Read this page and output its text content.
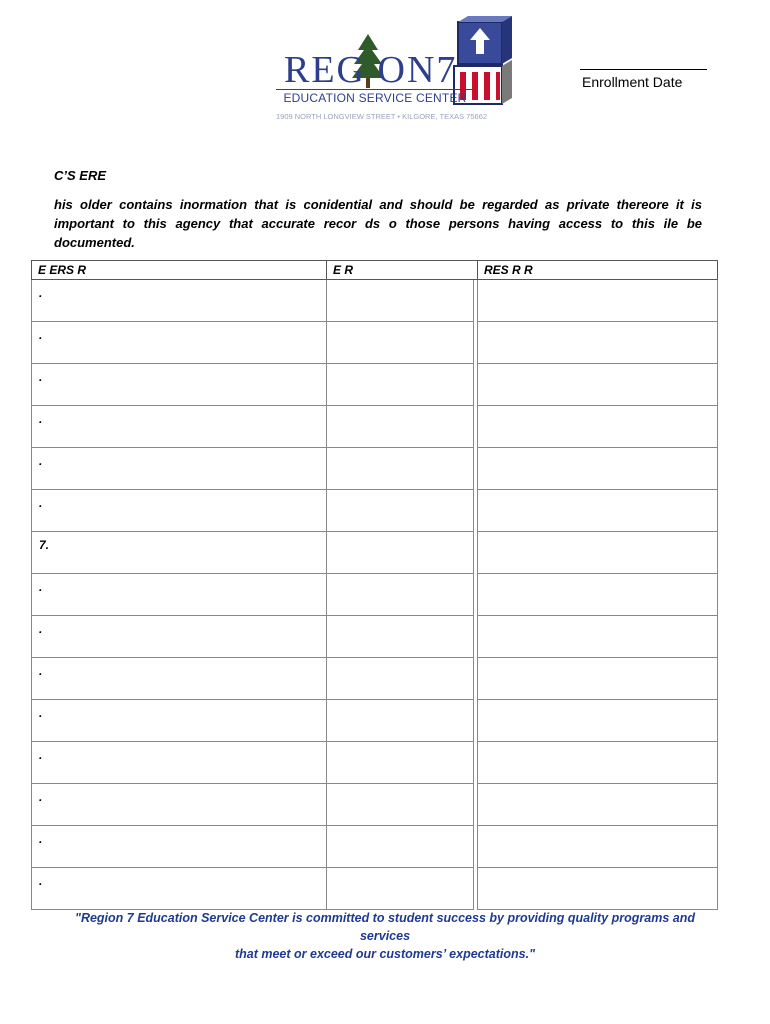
REG ON7
EDUCATION SERVICE CENTER
1909 NORTH LONGVIEW STREET • KILGORE, TEXAS 75662
Enrollment Date
C’S ERE

his older contains inormation that is conidential and should be regarded as private thereore it is
important to this agency that accurate recor ds o those persons having access to this ile be
documented.

E ERS R	E R		RES R R
.			
.			
.			
.			
.			
.			
7.			
.			
.			
.			
.			
.			
.			
.			
.			

"Region 7 Education Service Center is committed to student success by providing quality programs and services
that meet or exceed our customers’ expectations."
